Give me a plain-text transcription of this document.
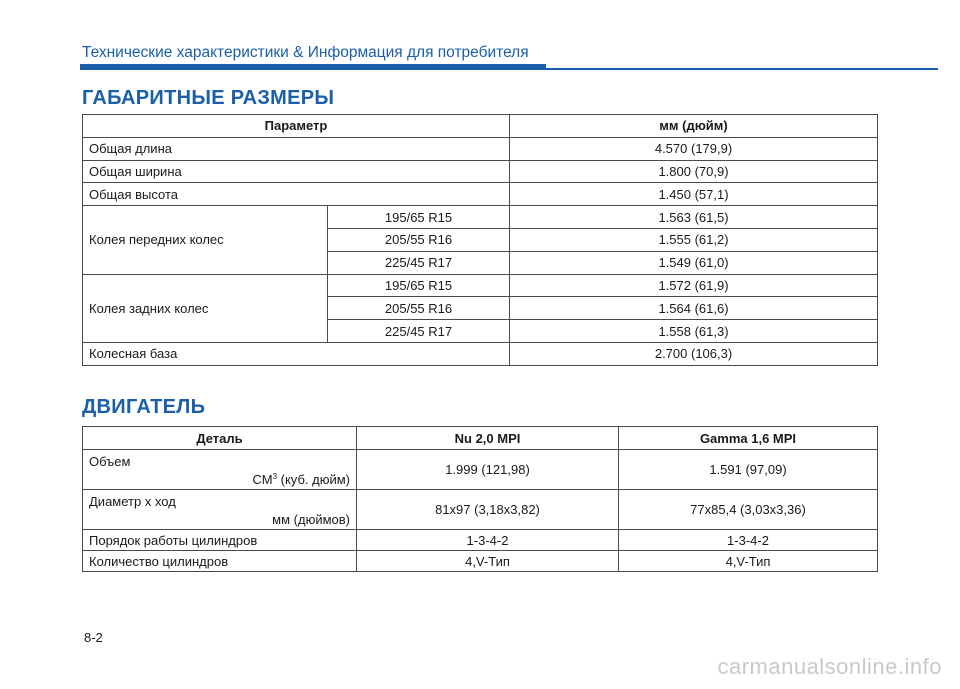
Технические характеристики & Информация для потребителя
ГАБАРИТНЫЕ РАЗМЕРЫ
Параметр		мм (дюйм)
Общая длина		4.570 (179,9)
Общая ширина		1.800 (70,9)
Общая высота		1.450 (57,1)
Колея передних колес	195/65 R15	1.563 (61,5)
	205/55 R16	1.555 (61,2)
	225/45 R17	1.549 (61,0)
Колея задних колес	195/65 R15	1.572 (61,9)
	205/55 R16	1.564 (61,6)
	225/45 R17	1.558 (61,3)
Колесная база		2.700 (106,3)
ДВИГАТЕЛЬ
Деталь	Nu 2,0 MPI	Gamma 1,6 MPI

Объем
$CM^3$ (куб. дюйм)	1.999 (121,98)	1.591 (97,09)

Диаметр x ход
мм (дюймов)	81x97 (3,18x3,82)	77x85,4 (3,03x3,36)
Порядок работы цилиндров	1-3-4-2	1-3-4-2
Количество цилиндров	4,V-Тип	4,V-Тип
8-2
carmanualsonline.info
